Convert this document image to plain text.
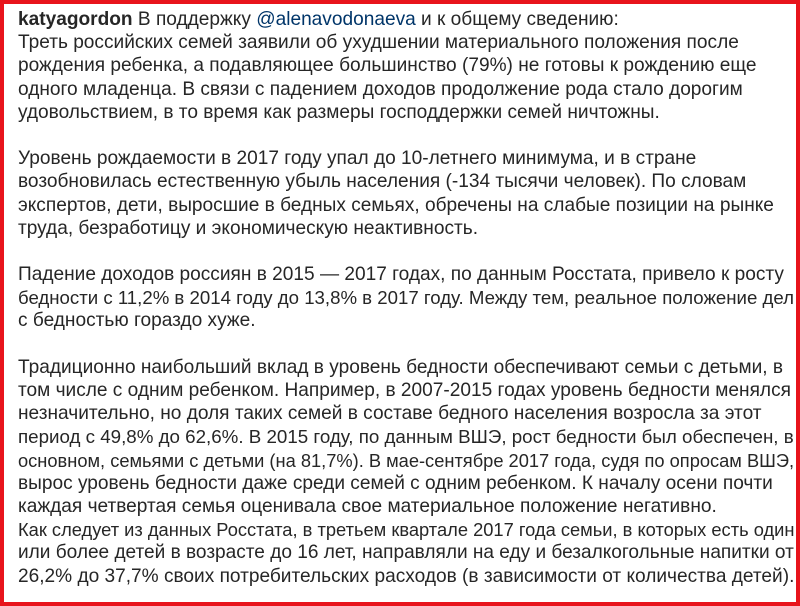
katyagordon В поддержку @alenavodonaeva и к общему сведению:
Треть российских семей заявили об ухудшении материального положения после
рождения ребенка, а подавляющее большинство (79%) не готовы к рождению еще
одного младенца. В связи с падением доходов продолжение рода стало дорогим
удовольствием, в то время как размеры господдержки семей ничтожны.
Уровень рождаемости в 2017 году упал до 10-летнего минимума, и в стране
возобновилась естественную убыль населения (-134 тысячи человек). По словам
экспертов, дети, выросшие в бедных семьях, обречены на слабые позиции на рынке
труда, безработицу и экономическую неактивность.
Падение доходов россиян в 2015 — 2017 годах, по данным Росстата, привело к росту
бедности с 11,2% в 2014 году до 13,8% в 2017 году. Между тем, реальное положение дел
с бедностью гораздо хуже.
Традиционно наибольший вклад в уровень бедности обеспечивают семьи с детьми, в
том числе с одним ребенком. Например, в 2007-2015 годах уровень бедности менялся
незначительно, но доля таких семей в составе бедного населения возросла за этот
период с 49,8% до 62,6%. В 2015 году, по данным ВШЭ, рост бедности был обеспечен, в
основном, семьями с детьми (на 81,7%). В мае-сентябре 2017 года, судя по опросам ВШЭ,
вырос уровень бедности даже среди семей с одним ребенком. К началу осени почти
каждая четвертая семья оценивала свое материальное положение негативно.
Как следует из данных Росстата, в третьем квартале 2017 года семьи, в которых есть один
или более детей в возрасте до 16 лет, направляли на еду и безалкогольные напитки от
26,2% до 37,7% своих потребительских расходов (в зависимости от количества детей).
